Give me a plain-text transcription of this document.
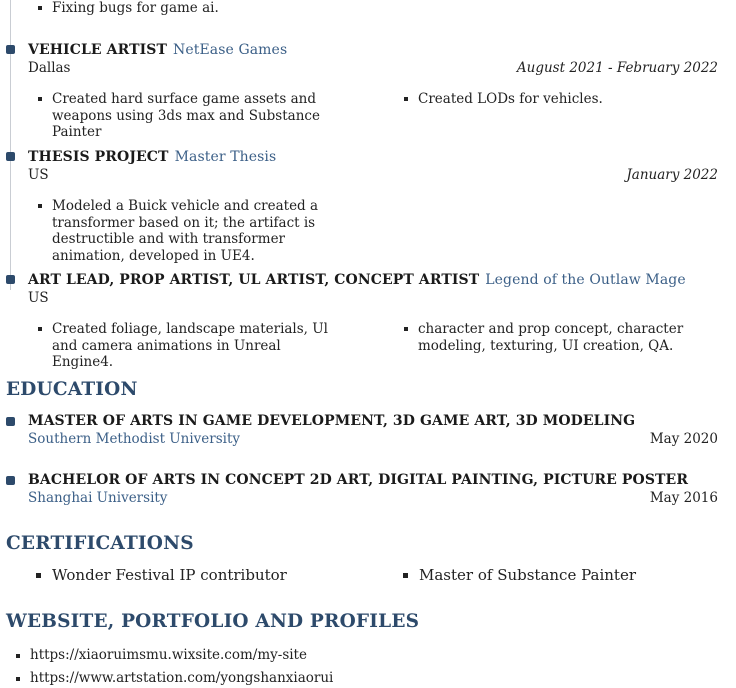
Fixing bugs for game ai.
VEHICLE ARTIST NetEase Games
Dallas	August 2021 - February 2022
Created hard surface game assets and weapons using 3ds max and Substance Painter
Created LODs for vehicles.
THESIS PROJECT Master Thesis
US	January 2022
Modeled a Buick vehicle and created a transformer based on it; the artifact is destructible and with transformer animation, developed in UE4.
ART LEAD, PROP ARTIST, UL ARTIST, CONCEPT ARTIST Legend of the Outlaw Mage
US
Created foliage, landscape materials, Ul and camera animations in Unreal Engine4.
character and prop concept, character modeling, texturing, UI creation, QA.
EDUCATION
MASTER OF ARTS IN GAME DEVELOPMENT, 3D GAME ART, 3D MODELING
Southern Methodist University	May 2020
BACHELOR OF ARTS IN CONCEPT 2D ART, DIGITAL PAINTING, PICTURE POSTER
Shanghai University	May 2016
CERTIFICATIONS
Wonder Festival IP contributor	Master of Substance Painter
WEBSITE, PORTFOLIO AND PROFILES
https://xiaoruimsmu.wixsite.com/my-site
https://www.artstation.com/yongshanxiaorui
